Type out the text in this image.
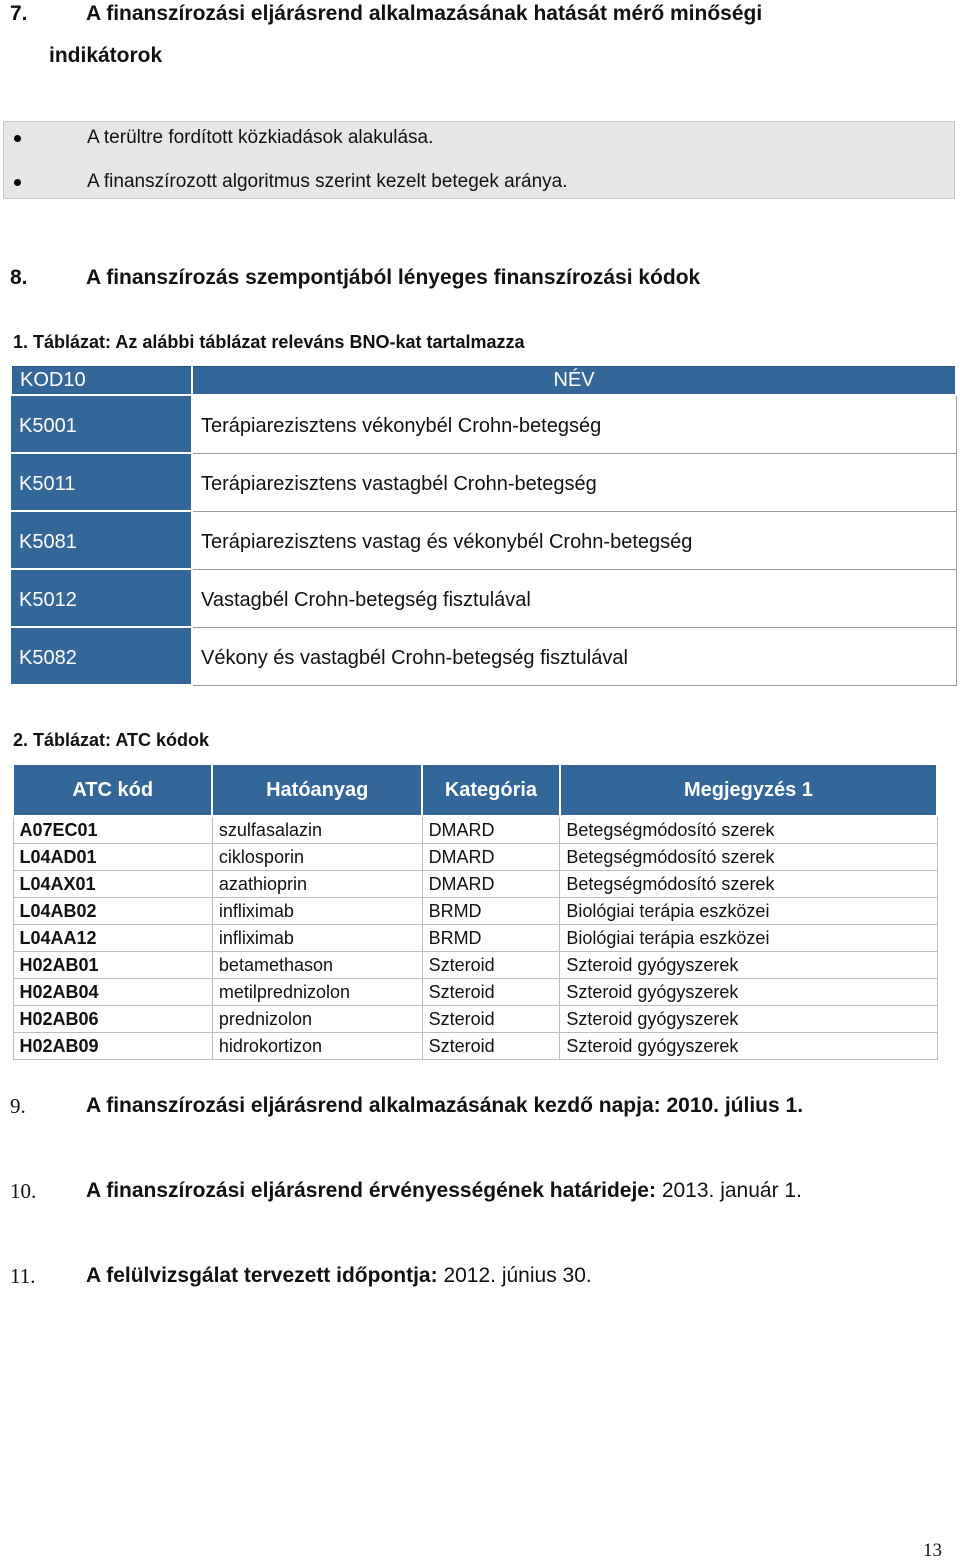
7.	A finanszírozási eljárásrend alkalmazásának hatását mérő minőségi
indikátorok
A terültre fordított közkiadások alakulása.
A finanszírozott algoritmus szerint kezelt betegek aránya.
8.	A finanszírozás szempontjából lényeges finanszírozási kódok
1. Táblázat: Az alábbi táblázat releváns BNO-kat tartalmazza
KOD10	NÉV
K5001	Terápiarezisztens vékonybél Crohn-betegség
K5011	Terápiarezisztens vastagbél Crohn-betegség
K5081	Terápiarezisztens vastag és vékonybél Crohn-betegség
K5012	Vastagbél Crohn-betegség fisztulával
K5082	Vékony és vastagbél Crohn-betegség fisztulával
2. Táblázat: ATC kódok
ATC kód	Hatóanyag	Kategória	Megjegyzés 1
A07EC01	szulfasalazin	DMARD	Betegségmódosító szerek
L04AD01	ciklosporin	DMARD	Betegségmódosító szerek
L04AX01	azathioprin	DMARD	Betegségmódosító szerek
L04AB02	infliximab	BRMD	Biológiai terápia eszközei
L04AA12	infliximab	BRMD	Biológiai terápia eszközei
H02AB01	betamethason	Szteroid	Szteroid gyógyszerek
H02AB04	metilprednizolon	Szteroid	Szteroid gyógyszerek
H02AB06	prednizolon	Szteroid	Szteroid gyógyszerek
H02AB09	hidrokortizon	Szteroid	Szteroid gyógyszerek
9.	A finanszírozási eljárásrend alkalmazásának kezdő napja: 2010. július 1.
10. A finanszírozási eljárásrend érvényességének határideje: 2013. január 1.
11. A felülvizsgálat tervezett időpontja: 2012. június 30.
13
